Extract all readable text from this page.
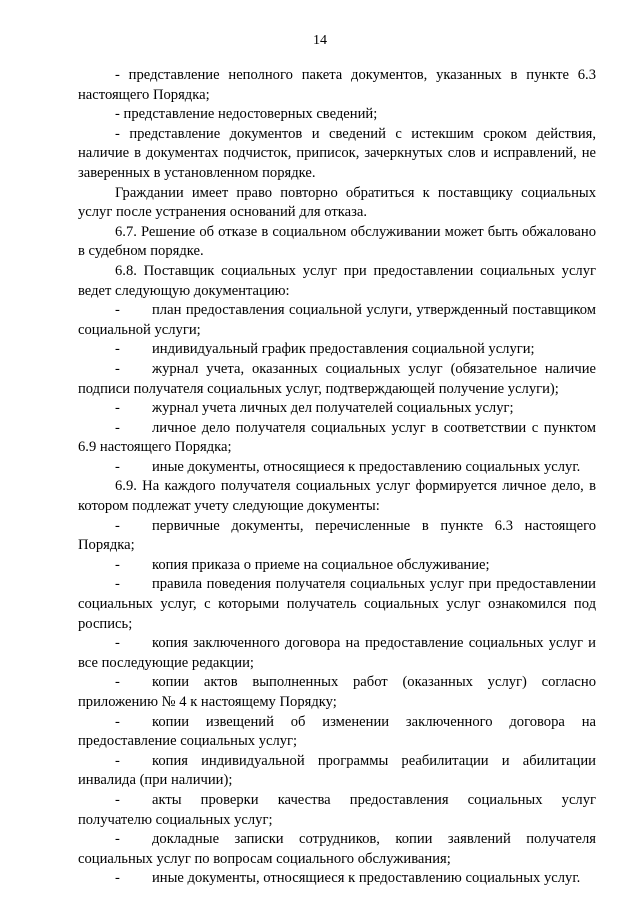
14

- представление неполного пакета документов, указанных в пункте 6.3 настоящего Порядка;

- представление недостоверных сведений;

- представление документов и сведений с истекшим сроком действия, наличие в документах подчисток, приписок, зачеркнутых слов и исправлений, не заверенных в установленном порядке.

Граждании имеет право повторно обратиться к поставщику социальных услуг после устранения оснований для отказа.

6.7. Решение об отказе в социальном обслуживании может быть обжаловано в судебном порядке.

6.8. Поставщик социальных услуг при предоставлении социальных услуг ведет следующую документацию:

- план предоставления социальной услуги, утвержденный поставщиком социальной услуги;

- индивидуальный график предоставления социальной услуги;

- журнал учета, оказанных социальных услуг (обязательное наличие подписи получателя социальных услуг, подтверждающей получение услуги);

- журнал учета личных дел получателей социальных услуг;

- личное дело получателя социальных услуг в соответствии с пунктом 6.9 настоящего Порядка;

- иные документы, относящиеся к предоставлению социальных услуг.

6.9. На каждого получателя социальных услуг формируется личное дело, в котором подлежат учету следующие документы:

- первичные документы, перечисленные в пункте 6.3 настоящего Порядка;

- копия приказа о приеме на социальное обслуживание;

- правила поведения получателя социальных услуг при предоставлении социальных услуг, с которыми получатель социальных услуг ознакомился под роспись;

- копия заключенного договора на предоставление социальных услуг и все последующие редакции;

- копии актов выполненных работ (оказанных услуг) согласно приложению № 4 к настоящему Порядку;

- копии извещений об изменении заключенного договора на предоставление социальных услуг;

- копия индивидуальной программы реабилитации и абилитации инвалида (при наличии);

- акты проверки качества предоставления социальных услуг получателю социальных услуг;

- докладные записки сотрудников, копии заявлений получателя социальных услуг по вопросам социального обслуживания;

- иные документы, относящиеся к предоставлению социальных услуг.
